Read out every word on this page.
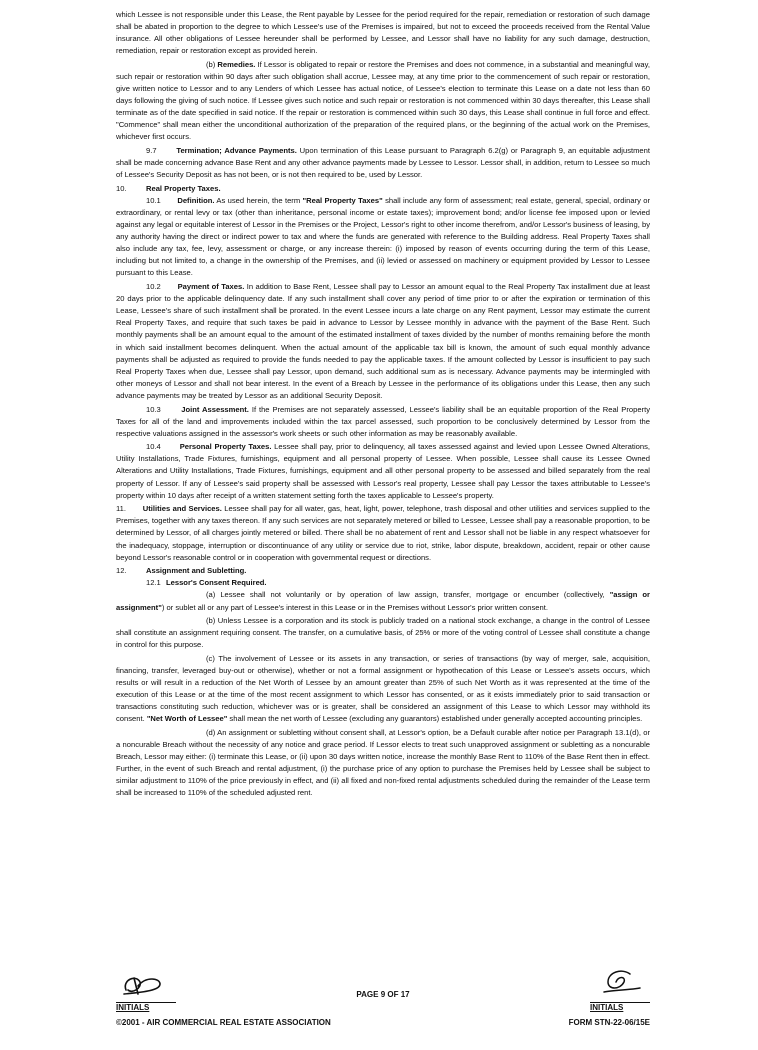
which Lessee is not responsible under this Lease, the Rent payable by Lessee for the period required for the repair, remediation or restoration of such damage shall be abated in proportion to the degree to which Lessee's use of the Premises is impaired, but not to exceed the proceeds received from the Rental Value insurance. All other obligations of Lessee hereunder shall be performed by Lessee, and Lessor shall have no liability for any such damage, destruction, remediation, repair or restoration except as provided herein.

(b) Remedies. If Lessor is obligated to repair or restore the Premises and does not commence, in a substantial and meaningful way, such repair or restoration within 90 days after such obligation shall accrue, Lessee may, at any time prior to the commencement of such repair or restoration, give written notice to Lessor and to any Lenders of which Lessee has actual notice, of Lessee's election to terminate this Lease on a date not less than 60 days following the giving of such notice. If Lessee gives such notice and such repair or restoration is not commenced within 30 days thereafter, this Lease shall terminate as of the date specified in said notice. If the repair or restoration is commenced within such 30 days, this Lease shall continue in full force and effect. "Commence" shall mean either the unconditional authorization of the preparation of the required plans, or the beginning of the actual work on the Premises, whichever first occurs.

9.7	Termination; Advance Payments. Upon termination of this Lease pursuant to Paragraph 6.2(g) or Paragraph 9, an equitable adjustment shall be made concerning advance Base Rent and any other advance payments made by Lessee to Lessor. Lessor shall, in addition, return to Lessee so much of Lessee's Security Deposit as has not been, or is not then required to be, used by Lessor.

10.	Real Property Taxes.

10.1 Definition. As used herein, the term "Real Property Taxes" shall include any form of assessment; real estate, general, special, ordinary or extraordinary, or rental levy or tax (other than inheritance, personal income or estate taxes); improvement bond; and/or license fee imposed upon or levied against any legal or equitable interest of Lessor in the Premises or the Project, Lessor's right to other income therefrom, and/or Lessor's business of leasing, by any authority having the direct or indirect power to tax and where the funds are generated with reference to the Building address. Real Property Taxes shall also include any tax, fee, levy, assessment or charge, or any increase therein: (i) imposed by reason of events occurring during the term of this Lease, including but not limited to, a change in the ownership of the Premises, and (ii) levied or assessed on machinery or equipment provided by Lessor to Lessee pursuant to this Lease.

10.2 Payment of Taxes. In addition to Base Rent, Lessee shall pay to Lessor an amount equal to the Real Property Tax installment due at least 20 days prior to the applicable delinquency date. If any such installment shall cover any period of time prior to or after the expiration or termination of this Lease, Lessee's share of such installment shall be prorated. In the event Lessee incurs a late charge on any Rent payment, Lessor may estimate the current Real Property Taxes, and require that such taxes be paid in advance to Lessor by Lessee monthly in advance with the payment of the Base Rent. Such monthly payments shall be an amount equal to the amount of the estimated installment of taxes divided by the number of months remaining before the month in which said installment becomes delinquent. When the actual amount of the applicable tax bill is known, the amount of such equal monthly advance payments shall be adjusted as required to provide the funds needed to pay the applicable taxes. If the amount collected by Lessor is insufficient to pay such Real Property Taxes when due, Lessee shall pay Lessor, upon demand, such additional sum as is necessary. Advance payments may be intermingled with other moneys of Lessor and shall not bear interest. In the event of a Breach by Lessee in the performance of its obligations under this Lease, then any such advance payments may be treated by Lessor as an additional Security Deposit.

10.3	Joint Assessment. If the Premises are not separately assessed, Lessee's liability shall be an equitable proportion of the Real Property Taxes for all of the land and improvements included within the tax parcel assessed, such proportion to be conclusively determined by Lessor from the respective valuations assigned in the assessor's work sheets or such other information as may be reasonably available.

10.4 Personal Property Taxes. Lessee shall pay, prior to delinquency, all taxes assessed against and levied upon Lessee Owned Alterations, Utility Installations, Trade Fixtures, furnishings, equipment and all personal property of Lessee. When possible, Lessee shall cause its Lessee Owned Alterations and Utility Installations, Trade Fixtures, furnishings, equipment and all other personal property to be assessed and billed separately from the real property of Lessor. If any of Lessee's said property shall be assessed with Lessor's real property, Lessee shall pay Lessor the taxes attributable to Lessee's property within 10 days after receipt of a written statement setting forth the taxes applicable to Lessee's property.

11. Utilities and Services. Lessee shall pay for all water, gas, heat, light, power, telephone, trash disposal and other utilities and services supplied to the Premises, together with any taxes thereon. If any such services are not separately metered or billed to Lessee, Lessee shall pay a reasonable proportion, to be determined by Lessor, of all charges jointly metered or billed. There shall be no abatement of rent and Lessor shall not be liable in any respect whatsoever for the inadequacy, stoppage, interruption or discontinuance of any utility or service due to riot, strike, labor dispute, breakdown, accident, repair or other cause beyond Lessor's reasonable control or in cooperation with governmental request or directions.

12.	Assignment and Subletting.
12.1 Lessor's Consent Required.

(a) Lessee shall not voluntarily or by operation of law assign, transfer, mortgage or encumber (collectively, "assign or assignment") or sublet all or any part of Lessee's interest in this Lease or in the Premises without Lessor's prior written consent.

(b) Unless Lessee is a corporation and its stock is publicly traded on a national stock exchange, a change in the control of Lessee shall constitute an assignment requiring consent. The transfer, on a cumulative basis, of 25% or more of the voting control of Lessee shall constitute a change in control for this purpose.

(c) The involvement of Lessee or its assets in any transaction, or series of transactions (by way of merger, sale, acquisition, financing, transfer, leveraged buy-out or otherwise), whether or not a formal assignment or hypothecation of this Lease or Lessee's assets occurs, which results or will result in a reduction of the Net Worth of Lessee by an amount greater than 25% of such Net Worth as it was represented at the time of the execution of this Lease or at the time of the most recent assignment to which Lessor has consented, or as it exists immediately prior to said transaction or transactions constituting such reduction, whichever was or is greater, shall be considered an assignment of this Lease to which Lessor may withhold its consent. "Net Worth of Lessee" shall mean the net worth of Lessee (excluding any guarantors) established under generally accepted accounting principles.

(d) An assignment or subletting without consent shall, at Lessor's option, be a Default curable after notice per Paragraph 13.1(d), or a noncurable Breach without the necessity of any notice and grace period. If Lessor elects to treat such unapproved assignment or subletting as a noncurable Breach, Lessor may either: (i) terminate this Lease, or (ii) upon 30 days written notice, increase the monthly Base Rent to 110% of the Base Rent then in effect. Further, in the event of such Breach and rental adjustment, (i) the purchase price of any option to purchase the Premises held by Lessee shall be subject to similar adjustment to 110% of the price previously in effect, and (ii) all fixed and non-fixed rental adjustments scheduled during the remainder of the Lease term shall be increased to 110% of the scheduled adjusted rent.

INITIALS
PAGE 9 OF 17
INITIALS
©2001 - AIR COMMERCIAL REAL ESTATE ASSOCIATION	FORM STN-22-06/15E
